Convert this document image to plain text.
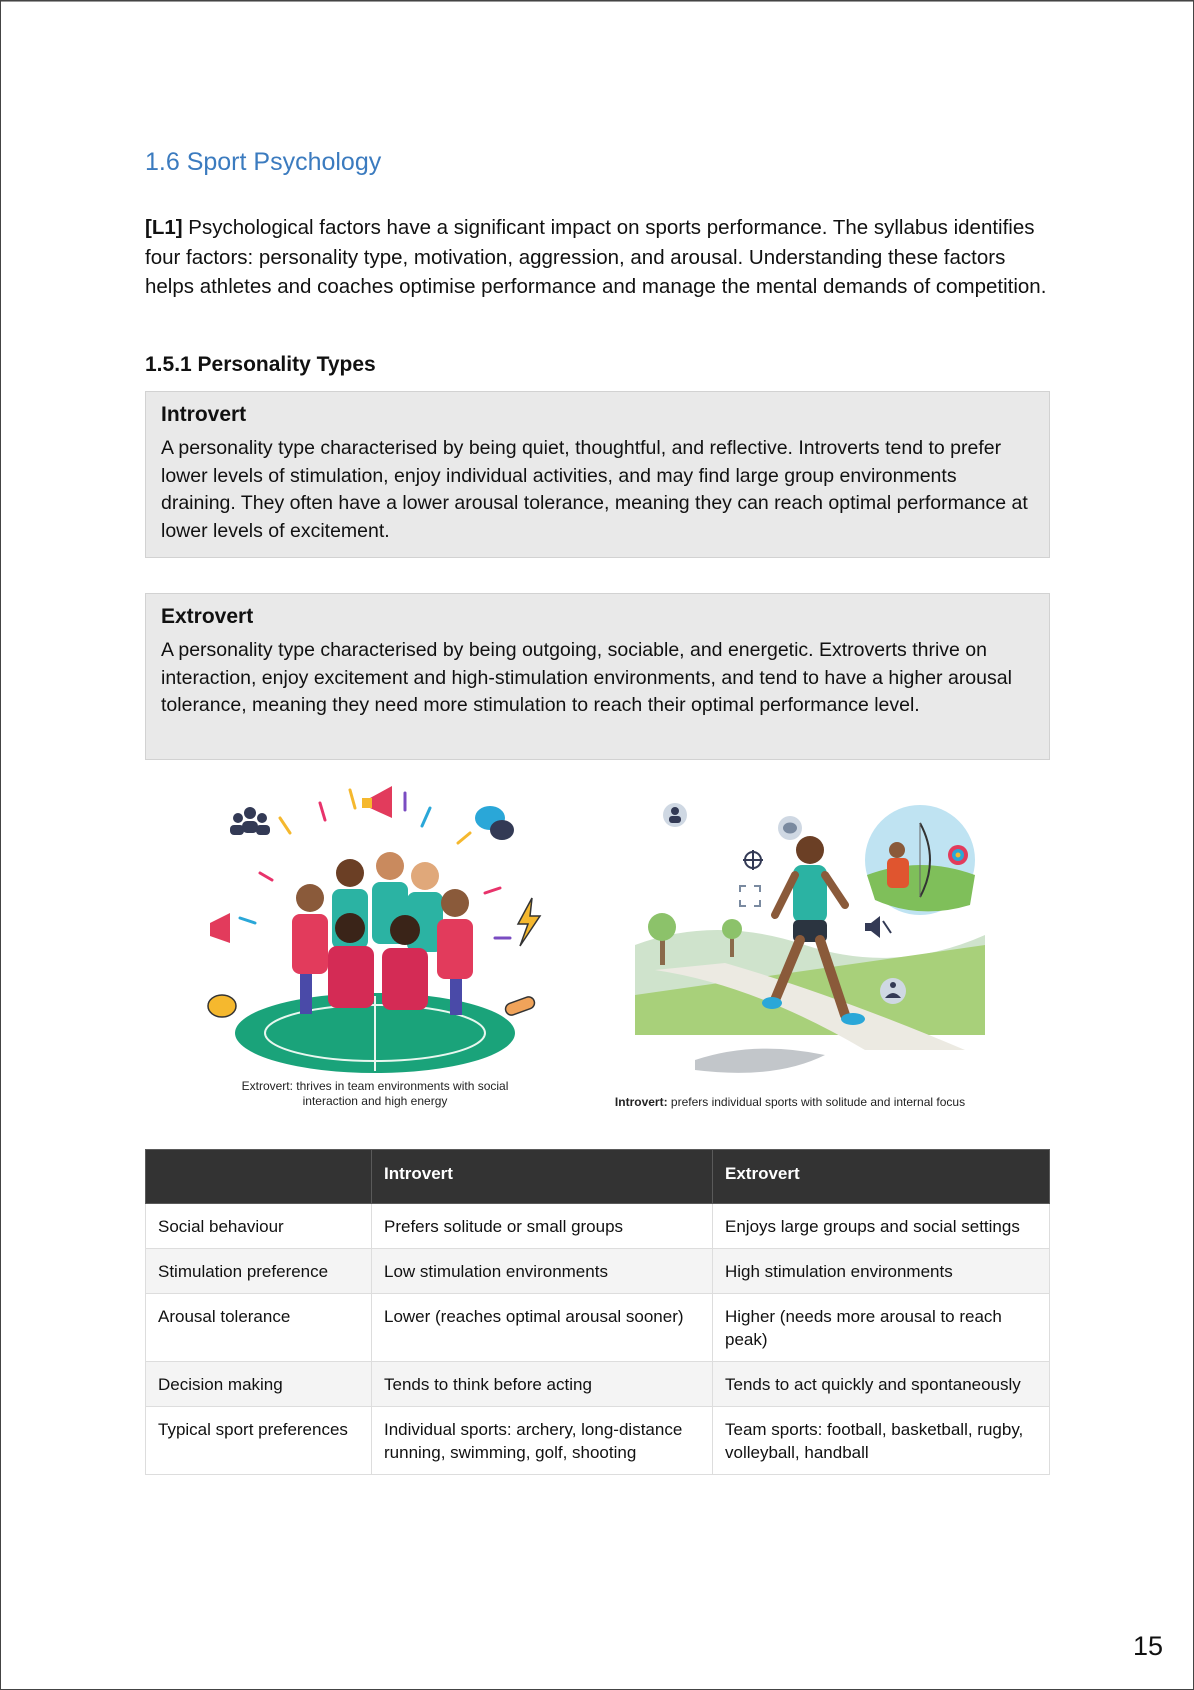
1.6 Sport Psychology

[L1] Psychological factors have a significant impact on sports performance. The syllabus identifies four factors: personality type, motivation, aggression, and arousal. Understanding these factors helps athletes and coaches optimise performance and manage the mental demands of competition.

1.5.1 Personality Types
Introvert

A personality type characterised by being quiet, thoughtful, and reflective. Introverts tend to prefer lower levels of stimulation, enjoy individual activities, and may find large group environments draining. They often have a lower arousal tolerance, meaning they can reach optimal performance at lower levels of excitement.

Extrovert

A personality type characterised by being outgoing, sociable, and energetic. Extroverts thrive on interaction, enjoy excitement and high-stimulation environments, and tend to have a higher arousal tolerance, meaning they need more stimulation to reach their optimal performance level.

Extrovert: thrives in team environments with social interaction and high energy	Introvert: prefers individual sports with solitude and internal focus
	Introvert	Extrovert
Social behaviour	Prefers solitude or small groups	Enjoys large groups and social settings
Stimulation preference	Low stimulation environments	High stimulation environments
Arousal tolerance	Lower (reaches optimal arousal sooner)	Higher (needs more arousal to reach peak)
Decision making	Tends to think before acting	Tends to act quickly and spontaneously
Typical sport preferences	Individual sports: archery, long-distance running, swimming, golf, shooting	Team sports: football, basketball, rugby, volleyball, handball
15
